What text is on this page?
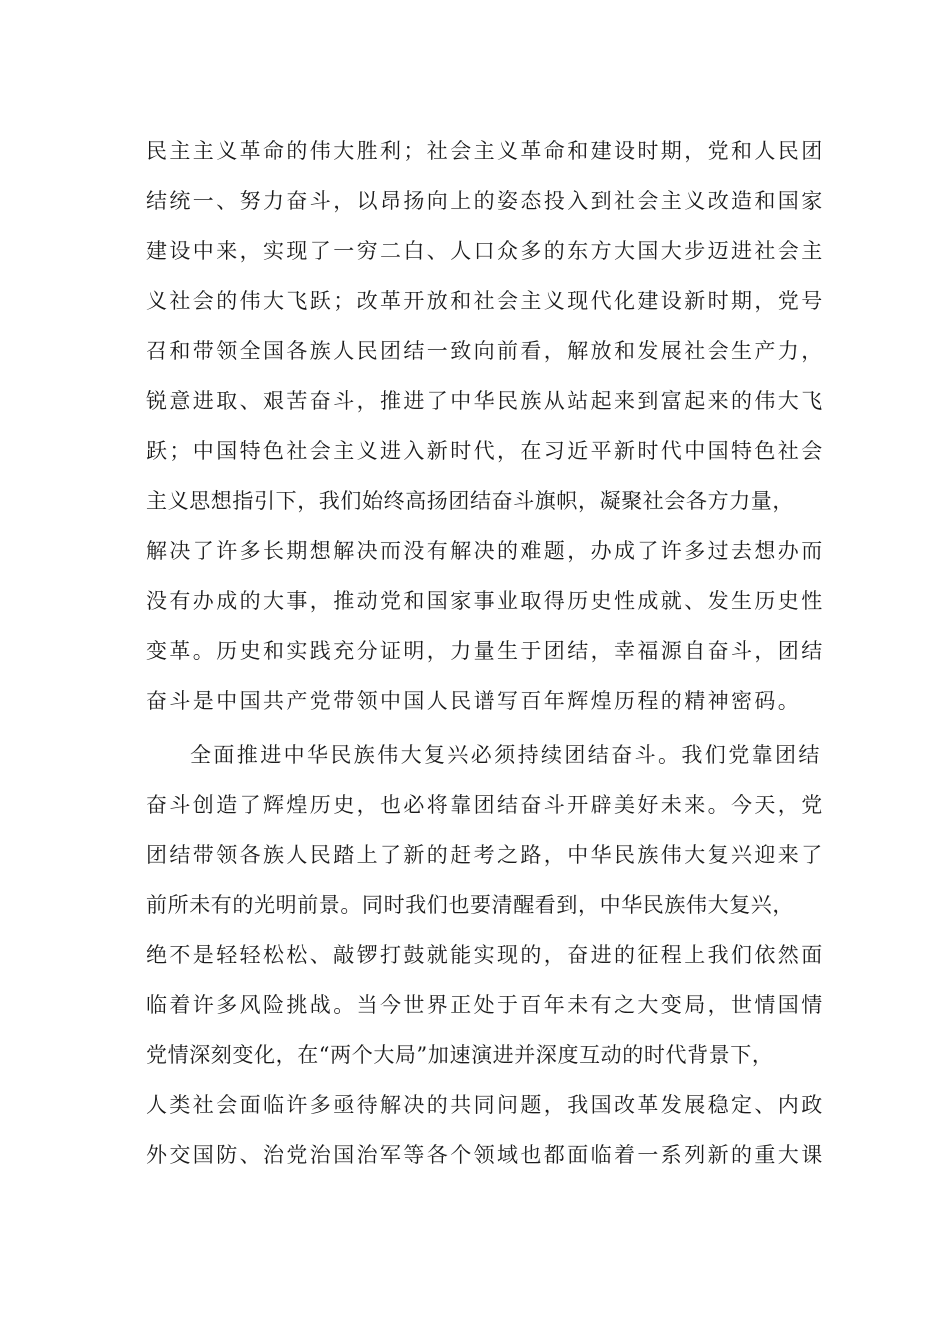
民主主义革命的伟大胜利；社会主义革命和建设时期，党和人民团
结统一、努力奋斗，以昂扬向上的姿态投入到社会主义改造和国家
建设中来，实现了一穷二白、人口众多的东方大国大步迈进社会主
义社会的伟大飞跃；改革开放和社会主义现代化建设新时期，党号
召和带领全国各族人民团结一致向前看，解放和发展社会生产力，
锐意进取、艰苦奋斗，推进了中华民族从站起来到富起来的伟大飞
跃；中国特色社会主义进入新时代，在习近平新时代中国特色社会
主义思想指引下，我们始终高扬团结奋斗旗帜，凝聚社会各方力量，
解决了许多长期想解决而没有解决的难题，办成了许多过去想办而
没有办成的大事，推动党和国家事业取得历史性成就、发生历史性
变革。历史和实践充分证明，力量生于团结，幸福源自奋斗，团结
奋斗是中国共产党带领中国人民谱写百年辉煌历程的精神密码。

全面推进中华民族伟大复兴必须持续团结奋斗。我们党靠团结
奋斗创造了辉煌历史，也必将靠团结奋斗开辟美好未来。今天，党
团结带领各族人民踏上了新的赶考之路，中华民族伟大复兴迎来了
前所未有的光明前景。同时我们也要清醒看到，中华民族伟大复兴，
绝不是轻轻松松、敲锣打鼓就能实现的，奋进的征程上我们依然面
临着许多风险挑战。当今世界正处于百年未有之大变局，世情国情
党情深刻变化，在“两个大局”加速演进并深度互动的时代背景下，
人类社会面临许多亟待解决的共同问题，我国改革发展稳定、内政
外交国防、治党治国治军等各个领域也都面临着一系列新的重大课
